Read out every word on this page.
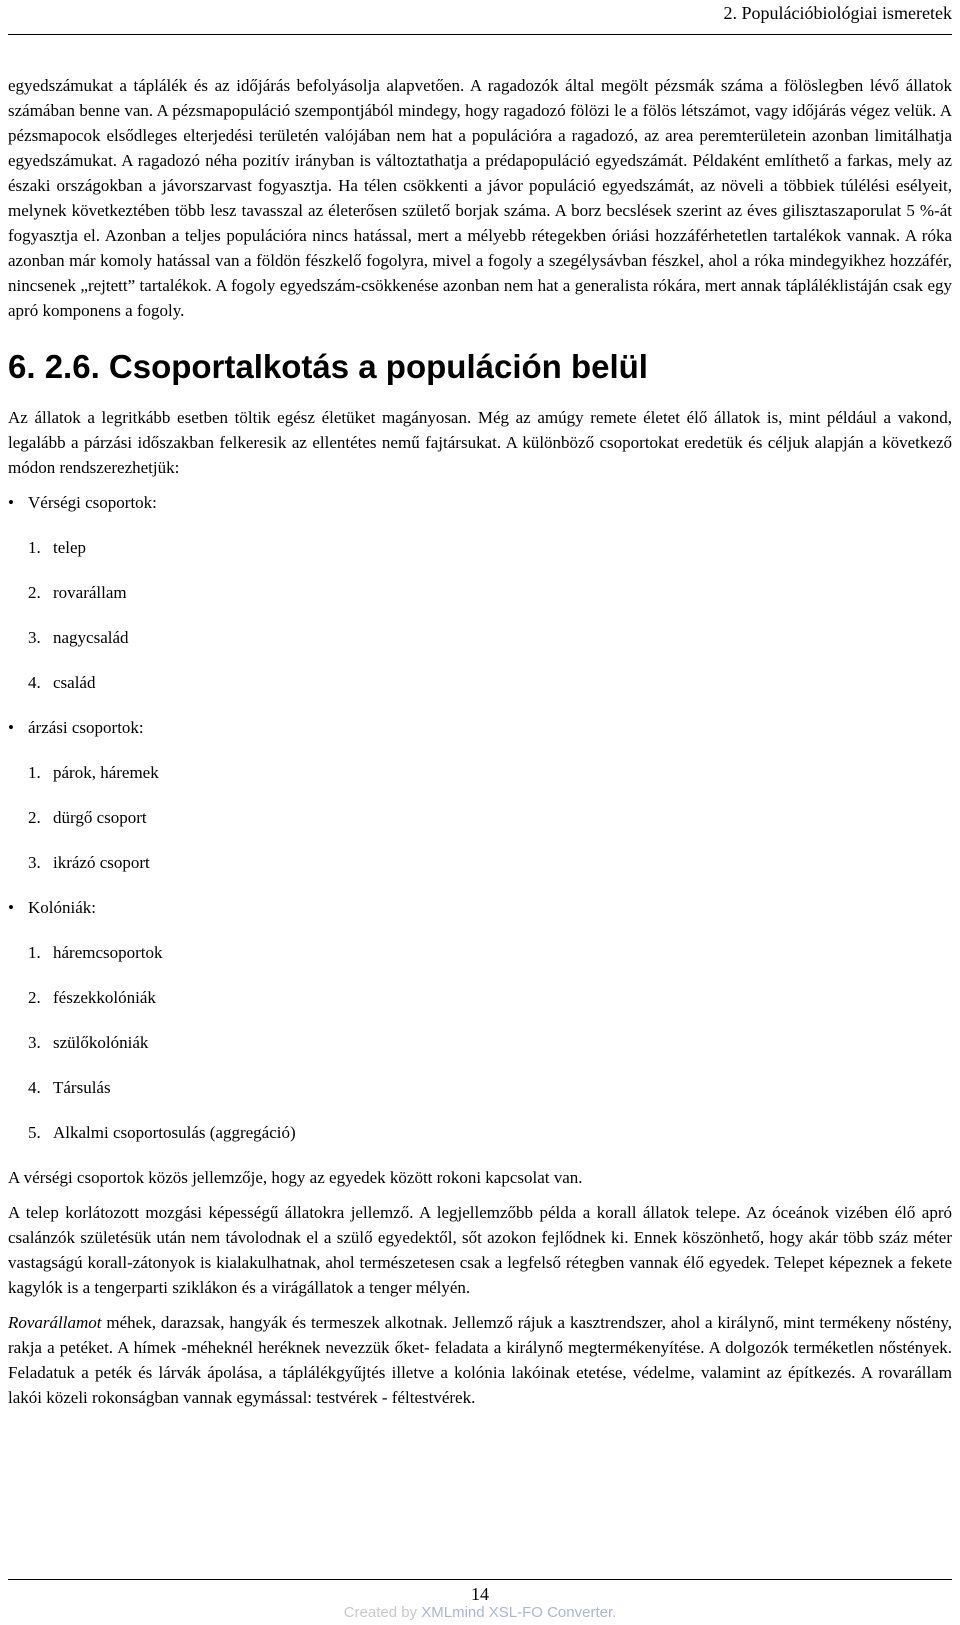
2. Populációbiológiai ismeretek

egyedszámukat a táplálék és az időjárás befolyásolja alapvetően. A ragadozók által megölt pézsmák száma a fölöslegben lévő állatok számában benne van. A pézsmapopuláció szempontjából mindegy, hogy ragadozó fölözi le a fölös létszámot, vagy időjárás végez velük. A pézsmapocok elsődleges elterjedési területén valójában nem hat a populációra a ragadozó, az area peremterületein azonban limitálhatja egyedszámukat. A ragadozó néha pozitív irányban is változtathatja a prédapopuláció egyedszámát. Példaként említhető a farkas, mely az északi országokban a jávorszarvast fogyasztja. Ha télen csökkenti a jávor populáció egyedszámát, az növeli a többiek túlélési esélyeit, melynek következtében több lesz tavasszal az életerősen születő borjak száma. A borz becslések szerint az éves gilisztaszaporulat 5 %-át fogyasztja el. Azonban a teljes populációra nincs hatással, mert a mélyebb rétegekben óriási hozzáférhetetlen tartalékok vannak. A róka azonban már komoly hatással van a földön fészkelő fogolyra, mivel a fogoly a szegélysávban fészkel, ahol a róka mindegyikhez hozzáfér, nincsenek „rejtett” tartalékok. A fogoly egyedszám-csökkenése azonban nem hat a generalista rókára, mert annak tápláléklistáján csak egy apró komponens a fogoly.

6. 2.6. Csoportalkotás a populáción belül

Az állatok a legritkább esetben töltik egész életüket magányosan. Még az amúgy remete életet élő állatok is, mint például a vakond, legalább a párzási időszakban felkeresik az ellentétes nemű fajtársukat. A különböző csoportokat eredetük és céljuk alapján a következő módon rendszerezhetjük:

• Vérségi csoportok:
1. telep
2. rovarállam
3. nagycsalád
4. család
• árzási csoportok:
1. párok, háremek
2. dürgő csoport
3. ikrázó csoport
• Kolóniák:
1. háremcsoportok
2. fészekkolóniák
3. szülőkolóniák
4. Társulás
5. Alkalmi csoportosulás (aggregáció)

A vérségi csoportok közös jellemzője, hogy az egyedek között rokoni kapcsolat van.

A telep korlátozott mozgási képességű állatokra jellemző. A legjellemzőbb példa a korall állatok telepe. Az óceánok vizében élő apró csalánzók születésük után nem távolodnak el a szülő egyedektől, sőt azokon fejlődnek ki. Ennek köszönhető, hogy akár több száz méter vastagságú korall-zátonyok is kialakulhatnak, ahol természetesen csak a legfelső rétegben vannak élő egyedek. Telepet képeznek a fekete kagylók is a tengerparti sziklákon és a virágállatok a tenger mélyén.

Rovarállamot méhek, darazsak, hangyák és termeszek alkotnak. Jellemző rájuk a kasztrendszer, ahol a királynő, mint termékeny nőstény, rakja a petéket. A hímek -méheknél heréknek nevezzük őket- feladata a királynő megtermékenyítése. A dolgozók terméketlen nőstények. Feladatuk a peték és lárvák ápolása, a táplálékgyűjtés illetve a kolónia lakóinak etetése, védelme, valamint az építkezés. A rovarállam lakói közeli rokonságban vannak egymással: testvérek - féltestvérek.

14
Created by XMLmind XSL-FO Converter.
